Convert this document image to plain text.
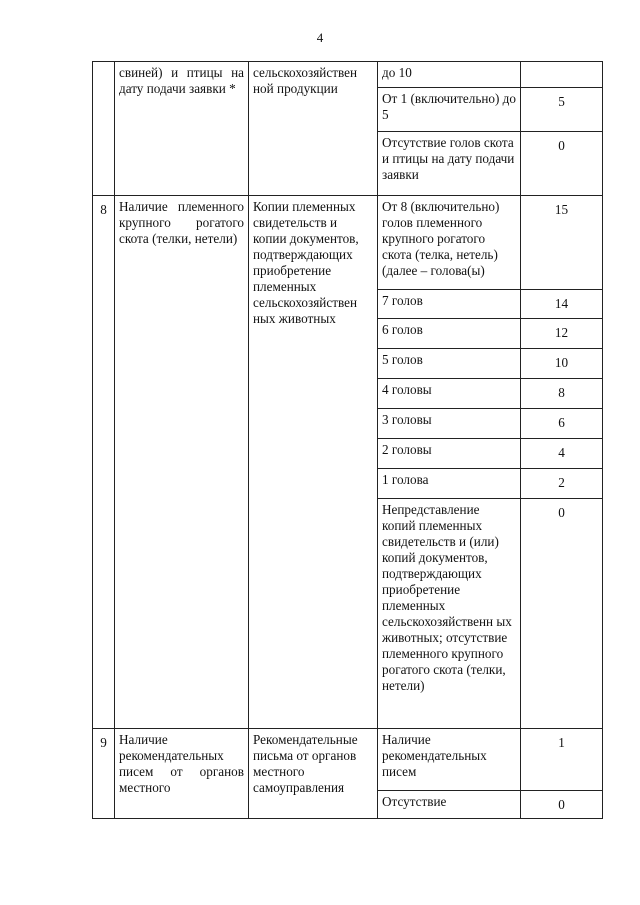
4
	свиней) и птицы на дату подачи заявки *	сельскохозяйствен ной продукции	до 10	
			От 1 (включительно) до 5	5
			Отсутствие голов скота и птицы на дату подачи заявки	0
8	Наличие племенного крупного рогатого скота (телки, нетели)	Копии племенных свидетельств и копии документов, подтверждающих приобретение племенных сельскохозяйствен ных животных	От 8 (включительно) голов племенного крупного рогатого скота (телка, нетель) (далее – голова(ы)	15
			7 голов	14
			6 голов	12
			5 голов	10
			4 головы	8
			3 головы	6
			2 головы	4
			1 голова	2
			Непредставление копий племенных свидетельств и (или) копий документов, подтверждающих приобретение племенных сельскохозяйственн ых животных; отсутствие племенного крупного рогатого скота (телки, нетели)	0
9	Наличие рекомендательных писем от органов местного	Рекомендательные письма от органов местного самоуправления	Наличие рекомендательных писем	1
			Отсутствие	0
